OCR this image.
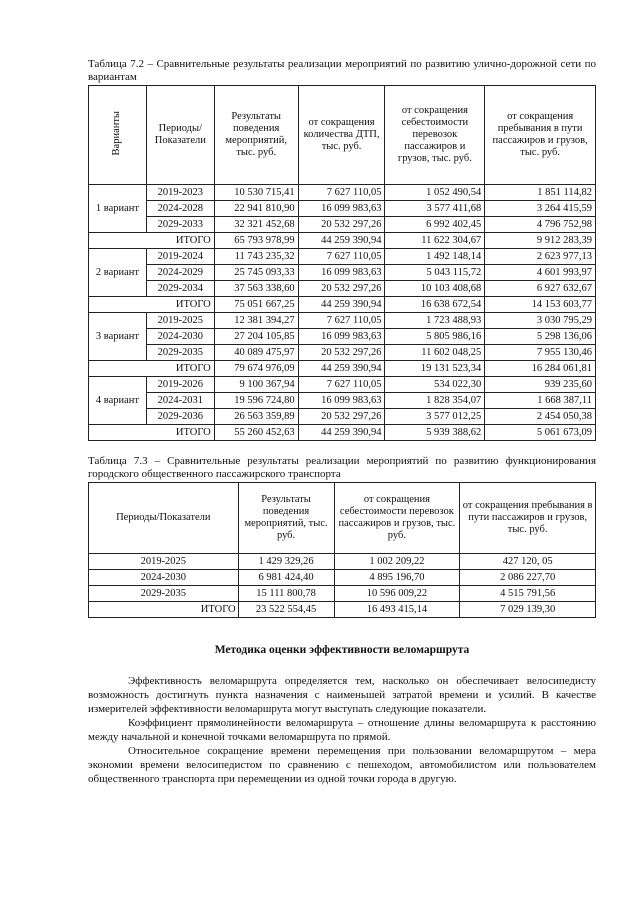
Таблица 7.2 – Сравнительные результаты реализации мероприятий по развитию улично-дорожной сети по вариантам

Варианты	Периоды/ Показатели	Результаты поведения мероприятий, тыс. руб.	от сокращения количества ДТП, тыс. руб.	от сокращения себестоимости перевозок пассажиров и грузов, тыс. руб.	от сокращения пребывания в пути пассажиров и грузов, тыс. руб.
1 вариант	2019-2023	10 530 715,41	7 627 110,05	1 052 490,54	1 851 114,82
	2024-2028	22 941 810,90	16 099 983,63	3 577 411,68	3 264 415,59
	2029-2033	32 321 452,68	20 532 297,26	6 992 402,45	4 796 752,98
ИТОГО		65 793 978,99	44 259 390,94	11 622 304,67	9 912 283,39
2 вариант	2019-2024	11 743 235,32	7 627 110,05	1 492 148,14	2 623 977,13
	2024-2029	25 745 093,33	16 099 983,63	5 043 115,72	4 601 993,97
	2029-2034	37 563 338,60	20 532 297,26	10 103 408,68	6 927 632,67
ИТОГО		75 051 667,25	44 259 390,94	16 638 672,54	14 153 603,77
3 вариант	2019-2025	12 381 394,27	7 627 110,05	1 723 488,93	3 030 795,29
	2024-2030	27 204 105,85	16 099 983,63	5 805 986,16	5 298 136,06
	2029-2035	40 089 475,97	20 532 297,26	11 602 048,25	7 955 130,46
ИТОГО		79 674 976,09	44 259 390,94	19 131 523,34	16 284 061,81
4 вариант	2019-2026	9 100 367,94	7 627 110,05	534 022,30	939 235,60
	2024-2031	19 596 724,80	16 099 983,63	1 828 354,07	1 668 387,11
	2029-2036	26 563 359,89	20 532 297,26	3 577 012,25	2 454 050,38
ИТОГО		55 260 452,63	44 259 390,94	5 939 388,62	5 061 673,09

Таблица 7.3 – Сравнительные результаты реализации мероприятий по развитию функционирования городского общественного пассажирского транспорта

Периоды/Показатели	Результаты поведения мероприятий, тыс. руб.	от сокращения себестоимости перевозок пассажиров и грузов, тыс. руб.	от сокращения пребывания в пути пассажиров и грузов, тыс. руб.
2019-2025	1 429 329,26	1 002 209,22	427 120, 05
2024-2030	6 981 424,40	4 895 196,70	2 086 227,70
2029-2035	15 111 800,78	10 596 009,22	4 515 791,56
ИТОГО	23 522 554,45	16 493 415,14	7 029 139,30

Методика оценки эффективности веломаршрута

Эффективность веломаршрута определяется тем, насколько он обеспечивает велосипедисту возможность достигнуть пункта назначения с наименьшей затратой времени и усилий. В качестве измерителей эффективности веломаршрута могут выступать следующие показатели.

Коэффициент прямолинейности веломаршрута – отношение длины веломаршрута к расстоянию между начальной и конечной точками веломаршрута по прямой.

Относительное сокращение времени перемещения при пользовании веломаршрутом – мера экономии времени велосипедистом по сравнению с пешеходом, автомобилистом или пользователем общественного транспорта при перемещении из одной точки города в другую.
